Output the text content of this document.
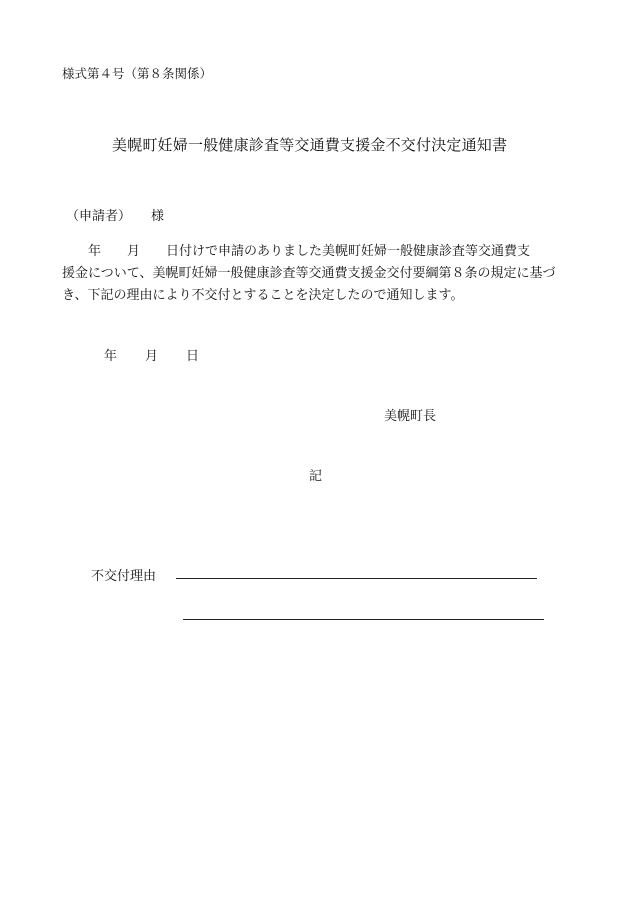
様式第４号（第８条関係）
美幌町妊婦一般健康診査等交通費支援金不交付決定通知書
（申請者） 様
　　年　　月　　日付けで申請のありました美幌町妊婦一般健康診査等交通費支
援金について、美幌町妊婦一般健康診査等交通費支援金交付要綱第８条の規定に基づ
き、下記の理由により不交付とすることを決定したので通知します。
年 月 日
美幌町長
記
不交付理由
